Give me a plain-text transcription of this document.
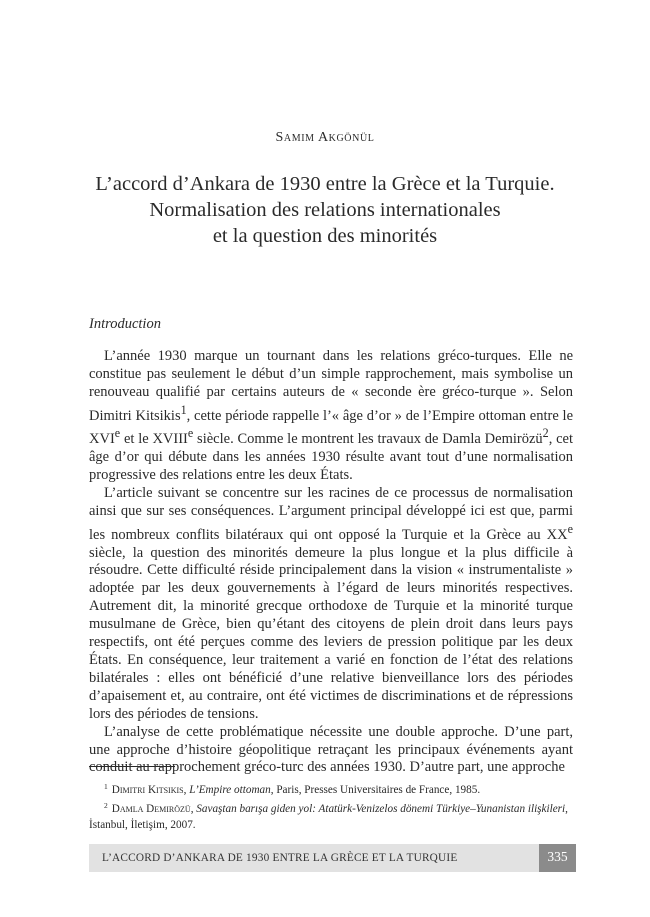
Samim Akgönül
L’accord d’Ankara de 1930 entre la Grèce et la Turquie.
Normalisation des relations internationales
et la question des minorités
Introduction

L’année 1930 marque un tournant dans les relations gréco-turques. Elle ne constitue pas seulement le début d’un simple rapprochement, mais symbolise un renouveau qualifié par certains auteurs de « seconde ère gréco-turque ». Selon Dimitri Kitsikis$^1$, cette période rappelle l’« âge d’or » de l’Empire ottoman entre le XVIe et le XVIIIe siècle. Comme le montrent les travaux de Damla Demirözü$^2$, cet âge d’or qui débute dans les années 1930 résulte avant tout d’une normalisation progressive des relations entre les deux États.

L’article suivant se concentre sur les racines de ce processus de normalisation ainsi que sur ses conséquences. L’argument principal développé ici est que, parmi les nombreux conflits bilatéraux qui ont opposé la Turquie et la Grèce au XXe siècle, la question des minorités demeure la plus longue et la plus difficile à résoudre. Cette difficulté réside principalement dans la vision « instrumentaliste » adoptée par les deux gouvernements à l’égard de leurs minorités respectives. Autrement dit, la minorité grecque orthodoxe de Turquie et la minorité turque musulmane de Grèce, bien qu’étant des citoyens de plein droit dans leurs pays respectifs, ont été perçues comme des leviers de pression politique par les deux États. En conséquence, leur traitement a varié en fonction de l’état des relations bilatérales : elles ont bénéficié d’une relative bienveillance lors des périodes d’apaisement et, au contraire, ont été victimes de discriminations et de répressions lors des périodes de tensions.

L’analyse de cette problématique nécessite une double approche. D’une part, une approche d’histoire géopolitique retraçant les principaux événements ayant conduit au rapprochement gréco-turc des années 1930. D’autre part, une approche

$^1$ Dimitri Kitsikis, L’Empire ottoman, Paris, Presses Universitaires de France, 1985.

$^2$ Damla Demirözü, Savaştan barışa giden yol: Atatürk-Venizelos dönemi Türkiye–Yunanistan ilişkileri, İstanbul, İletişim, 2007.

L’ACCORD D’ANKARA DE 1930 ENTRE LA GRÈCE ET LA TURQUIE	335
